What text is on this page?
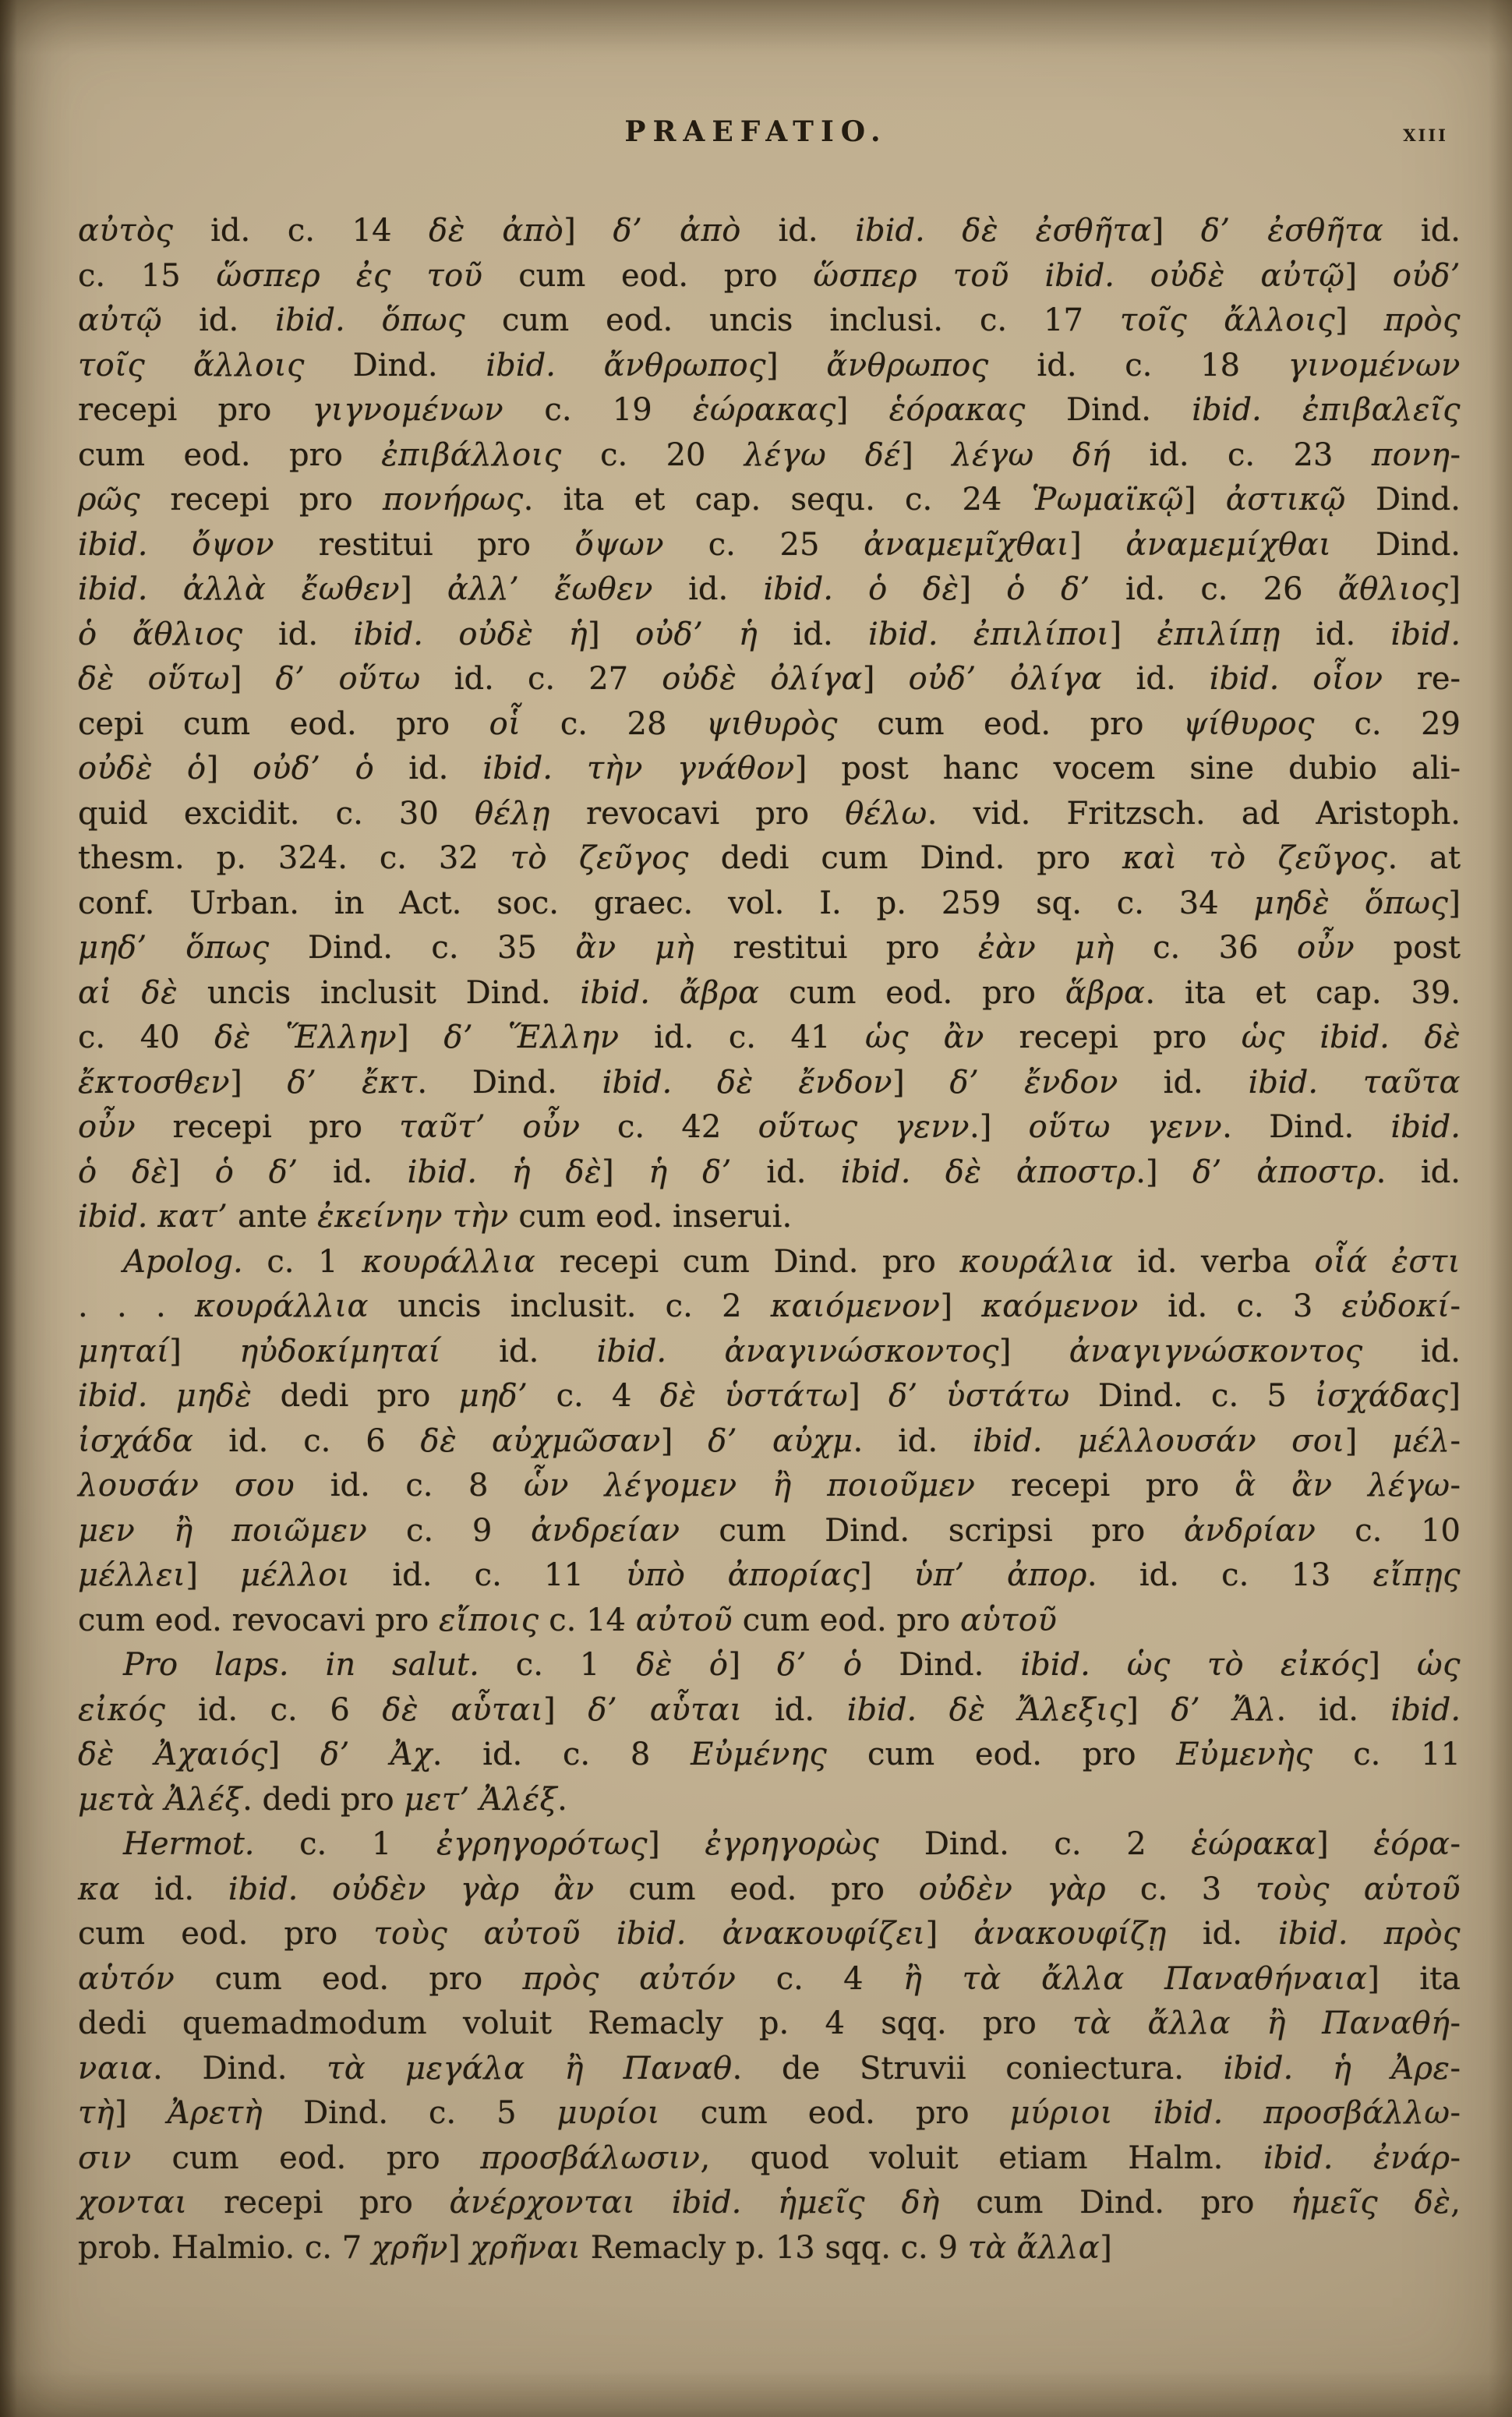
PRAEFATIO.	xiii
αὐτὸς id. c. 14 δὲ ἀπὸ] δ’ ἀπὸ id. ibid. δὲ ἐσθῆτα] δ’ ἐσθῆτα id.
c. 15 ὥσπερ ἐς τοῦ cum eod. pro ὥσπερ τοῦ ibid. οὐδὲ αὐτῷ] οὐδ’
αὐτῷ id. ibid. ὅπως cum eod. uncis inclusi. c. 17 τοῖς ἄλλοις] πρὸς
τοῖς ἄλλοις Dind. ibid. ἄνθρωπος] ἄνθρωπος id. c. 18 γινομένων
recepi pro γιγνομένων c. 19 ἑώρακας] ἑόρακας Dind. ibid. ἐπιβαλεῖς
cum eod. pro ἐπιβάλλοις c. 20 λέγω δέ] λέγω δή id. c. 23 πονη-
ρῶς recepi pro πονήρως. ita et cap. sequ. c. 24 Ῥωμαϊκῷ] ἀστικῷ Dind.
ibid. ὄψον restitui pro ὄψων c. 25 ἀναμεμῖχθαι] ἀναμεμίχθαι Dind.
ibid. ἀλλὰ ἔωθεν] ἀλλ’ ἔωθεν id. ibid. ὁ δὲ] ὁ δ’ id. c. 26 ἄθλιος]
ὁ ἄθλιος id. ibid. οὐδὲ ἡ] οὐδ’ ἡ id. ibid. ἐπιλίποι] ἐπιλίπῃ id. ibid.
δὲ οὕτω] δ’ οὕτω id. c. 27 οὐδὲ ὀλίγα] οὐδ’ ὀλίγα id. ibid. οἷον re-
cepi cum eod. pro οἷ c. 28 ψιθυρὸς cum eod. pro ψίθυρος c. 29
οὐδὲ ὁ] οὐδ’ ὁ id. ibid. τὴν γνάθον] post hanc vocem sine dubio ali-
quid excidit. c. 30 θέλῃ revocavi pro θέλω. vid. Fritzsch. ad Aristoph.
thesm. p. 324. c. 32 τὸ ζεῦγος dedi cum Dind. pro καὶ τὸ ζεῦγος. at
conf. Urban. in Act. soc. graec. vol. I. p. 259 sq. c. 34 μηδὲ ὅπως]
μηδ’ ὅπως Dind. c. 35 ἂν μὴ restitui pro ἐὰν μὴ c. 36 οὖν post
αἱ δὲ uncis inclusit Dind. ibid. ἄβρα cum eod. pro ἅβρα. ita et cap. 39.
c. 40 δὲ Ἕλλην] δ’ Ἕλλην id. c. 41 ὡς ἂν recepi pro ὡς ibid. δὲ
ἔκτοσθεν] δ’ ἔκτ. Dind. ibid. δὲ ἔνδον] δ’ ἔνδον id. ibid. ταῦτα
οὖν recepi pro ταῦτ’ οὖν c. 42 οὕτως γενν.] οὕτω γενν. Dind. ibid.
ὁ δὲ] ὁ δ’ id. ibid. ἡ δὲ] ἡ δ’ id. ibid. δὲ ἀποστρ.] δ’ ἀποστρ. id.
ibid. κατ’ ante ἐκείνην τὴν cum eod. inserui.
Apolog. c. 1 κουράλλια recepi cum Dind. pro κουράλια id. verba οἷά ἐστι
. . . κουράλλια uncis inclusit. c. 2 καιόμενον] καόμενον id. c. 3 εὐδοκί-
μηταί] ηὐδοκίμηταί id. ibid. ἀναγινώσκοντος] ἀναγιγνώσκοντος id.
ibid. μηδὲ dedi pro μηδ’ c. 4 δὲ ὑστάτω] δ’ ὑστάτω Dind. c. 5 ἰσχάδας]
ἰσχάδα id. c. 6 δὲ αὐχμῶσαν] δ’ αὐχμ. id. ibid. μέλλουσάν σοι] μέλ-
λουσάν σου id. c. 8 ὧν λέγομεν ἢ ποιοῦμεν recepi pro ἃ ἂν λέγω-
μεν ἢ ποιῶμεν c. 9 ἀνδρείαν cum Dind. scripsi pro ἀνδρίαν c. 10
μέλλει] μέλλοι id. c. 11 ὑπὸ ἀπορίας] ὑπ’ ἀπορ. id. c. 13 εἴπῃς
cum eod. revocavi pro εἴποις c. 14 αὐτοῦ cum eod. pro αὑτοῦ
Pro laps. in salut. c. 1 δὲ ὁ] δ’ ὁ Dind. ibid. ὡς τὸ εἰκός] ὡς
εἰκός id. c. 6 δὲ αὗται] δ’ αὗται id. ibid. δὲ Ἄλεξις] δ’ Ἄλ. id. ibid.
δὲ Ἀχαιός] δ’ Ἀχ. id. c. 8 Εὐμένης cum eod. pro Εὐμενὴς c. 11
μετὰ Ἀλέξ. dedi pro μετ’ Ἀλέξ.
Hermot. c. 1 ἐγρηγορότως] ἐγρηγορὼς Dind. c. 2 ἑώρακα] ἑόρα-
κα id. ibid. οὐδὲν γὰρ ἂν cum eod. pro οὐδὲν γὰρ c. 3 τοὺς αὑτοῦ
cum eod. pro τοὺς αὐτοῦ ibid. ἀνακουφίζει] ἀνακουφίζῃ id. ibid. πρὸς
αὑτόν cum eod. pro πρὸς αὐτόν c. 4 ἢ τὰ ἄλλα Παναθήναια] ita
dedi quemadmodum voluit Remacly p. 4 sqq. pro τὰ ἄλλα ἢ Παναθή-
ναια. Dind. τὰ μεγάλα ἢ Παναθ. de Struvii coniectura. ibid. ἡ Ἀρε-
τὴ] Ἀρετὴ Dind. c. 5 μυρίοι cum eod. pro μύριοι ibid. προσβάλλω-
σιν cum eod. pro προσβάλωσιν, quod voluit etiam Halm. ibid. ἐνάρ-
χονται recepi pro ἀνέρχονται ibid. ἡμεῖς δὴ cum Dind. pro ἡμεῖς δὲ,
prob. Halmio. c. 7 χρῆν] χρῆναι Remacly p. 13 sqq. c. 9 τὰ ἄλλα]
